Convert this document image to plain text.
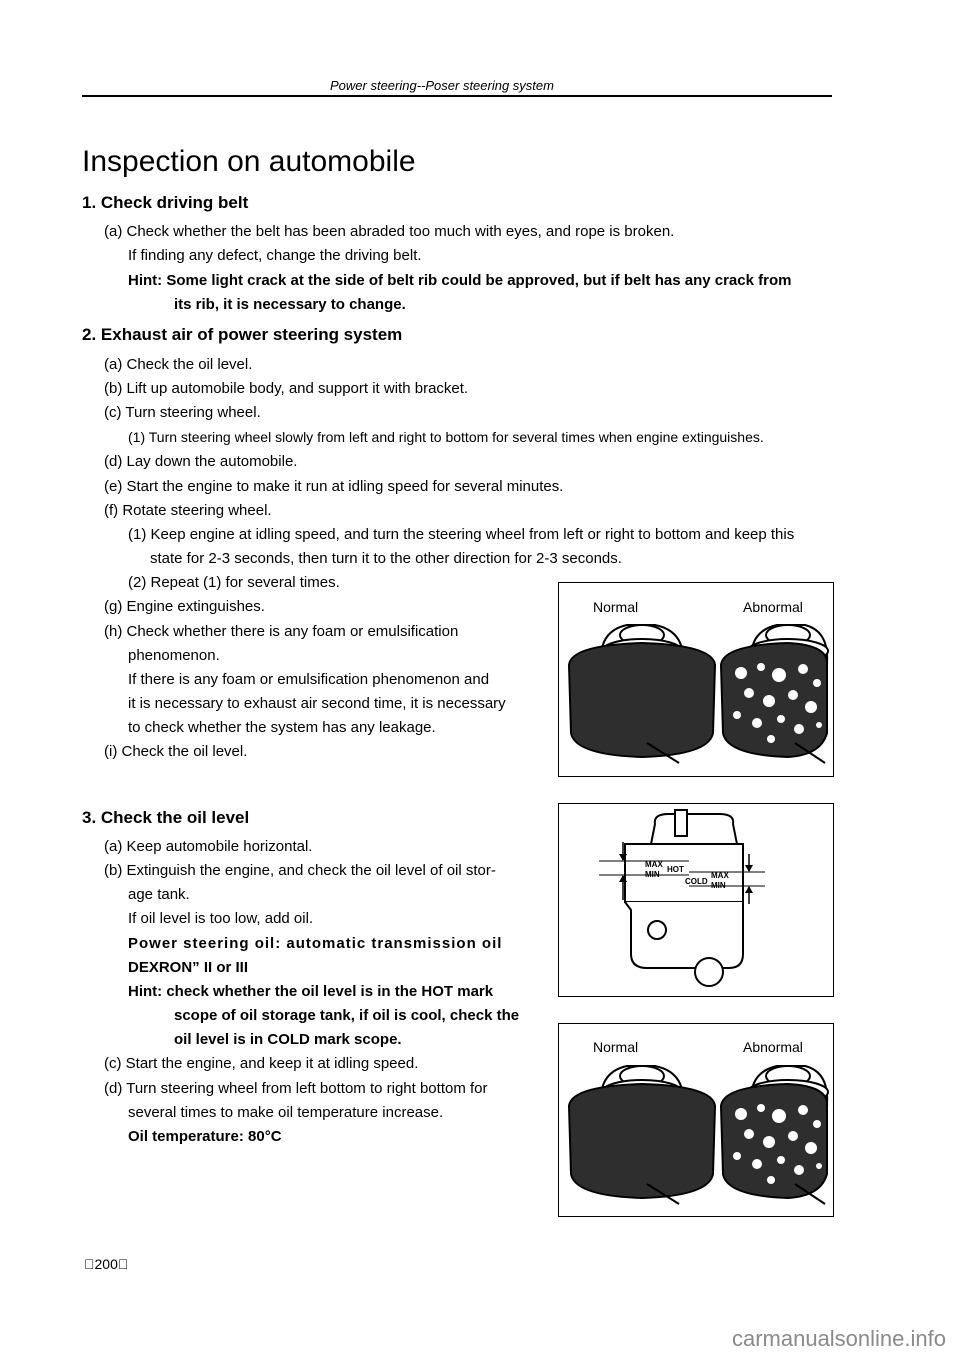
Power steering--Poser steering system
Inspection on automobile
1. Check driving belt
(a) Check whether the belt has been abraded too much with eyes, and rope is broken.
If finding any defect, change the driving belt.
Hint: Some light crack at the side of belt rib could be approved, but if belt has any crack from
its rib, it is necessary to change.
2. Exhaust air of power steering system
(a) Check the oil level.
(b) Lift up automobile body, and support it with bracket.
(c) Turn steering wheel.
(1) Turn steering wheel slowly from left and right to bottom for several times when engine extinguishes.
(d) Lay down the automobile.
(e) Start the engine to make it run at idling speed for several minutes.
(f) Rotate steering wheel.
(1) Keep engine at idling speed, and turn the steering wheel from left or right to bottom and keep this
state for 2-3 seconds, then turn it to the other direction for 2-3 seconds.
(2) Repeat (1) for several times.
(g) Engine extinguishes.
(h) Check whether there is any foam or emulsification
phenomenon.
If there is any foam or emulsification phenomenon and
it is necessary to exhaust air second time, it is necessary
to check whether the system has any leakage.
(i) Check the oil level.
3. Check the oil level
(a) Keep automobile horizontal.
(b) Extinguish the engine, and check the oil level of oil stor-
age tank.
If oil level is too low, add oil.
Power steering oil: automatic transmission oil
DEXRON” II or III
Hint: check whether the oil level is in the HOT mark
scope of oil storage tank, if oil is cool, check the
oil level is in COLD mark scope.
(c) Start the engine, and keep it at idling speed.
(d) Turn steering wheel from left bottom to right bottom for
several times to make oil temperature increase.
Oil temperature: 80°C
Normal	Abnormal
MAX
MIN
HOT
COLD
MAX
MIN
Normal	Abnormal
􀀀200􀀀
carmanualsonline.info
